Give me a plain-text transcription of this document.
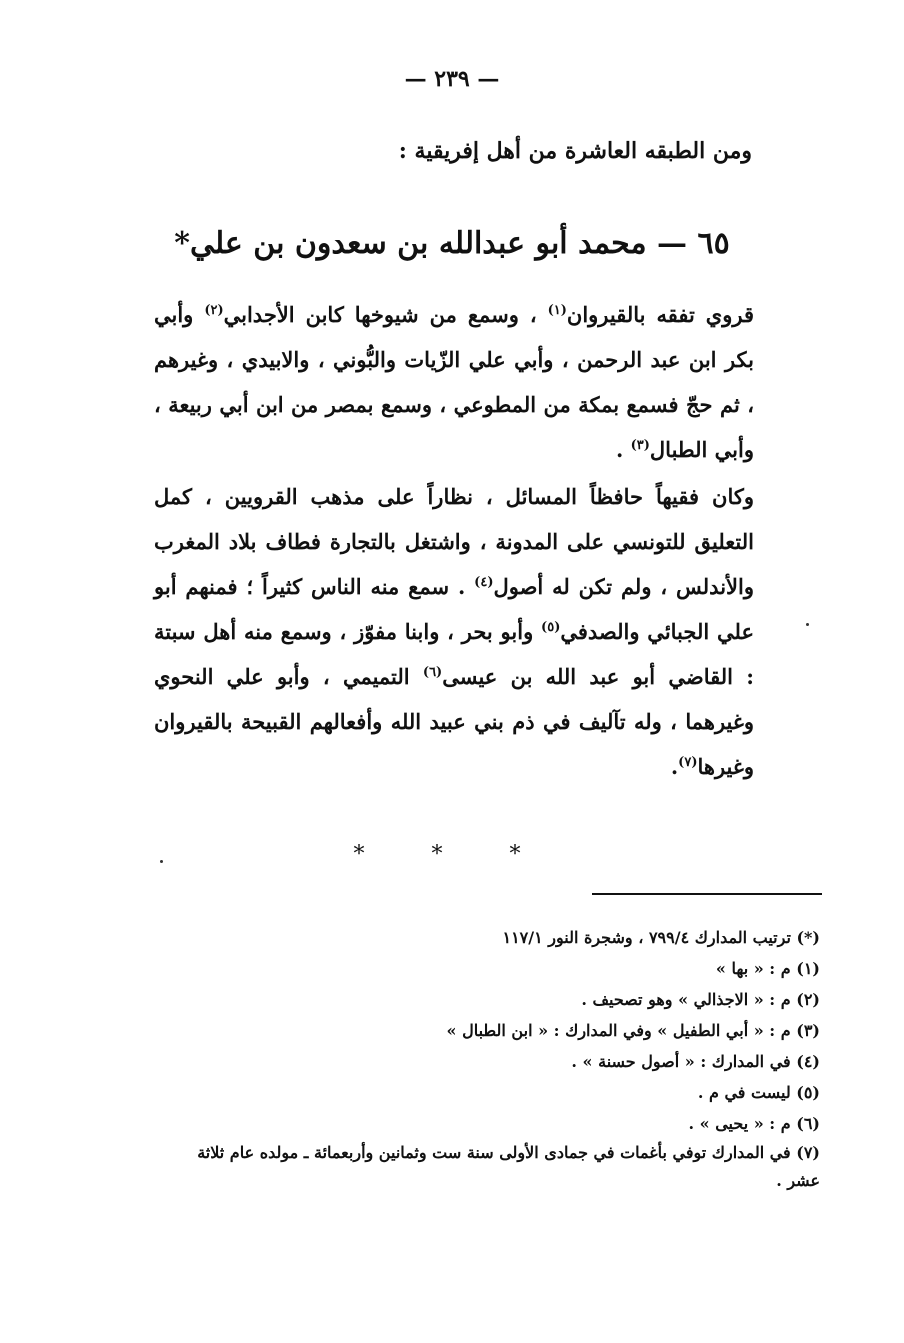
— ٢٣٩ —
ومن الطبقه العاشرة من أهل إفريقية :
٦٥ — محمد أبو عبدالله بن سعدون بن علي*

قروي تفقه بالقيروان$^{(١)}$ ، وسمع من شيوخها كابن الأجدابي$^{(٢)}$ وأبي بكر ابن عبد الرحمن ، وأبي علي الزّيات والبُّوني ، والابيدي ، وغيرهم ، ثم حجّ فسمع بمكة من المطوعي ، وسمع بمصر من ابن أبي ربيعة ، وأبي الطبال$^{(٣)}$ .

وكان فقيهاً حافظاً المسائل ، نظاراً على مذهب القرويين ، كمل التعليق للتونسي على المدونة ، واشتغل بالتجارة فطاف بلاد المغرب والأندلس ، ولم تكن له أصول$^{(٤)}$ . سمع منه الناس كثيراً ؛ فمنهم أبو علي الجبائي والصدفي$^{(٥)}$ وأبو بحر ، وابنا مفوّز ، وسمع منه أهل سبتة : القاضي أبو عبد الله بن عيسى$^{(٦)}$ التميمي ، وأبو علي النحوي وغيرهما ، وله تآليف في ذم بني عبيد الله وأفعالهم القبيحة بالقيروان وغيرها$^{(٧)}$.

* * *
(*) ترتيب المدارك ٧٩٩/٤ ، وشجرة النور ١١٧/١
(١) م : « بها »
(٢) م : « الاجذالي » وهو تصحيف .
(٣) م : « أبي الطفيل » وفي المدارك : « ابن الطبال »
(٤) في المدارك : « أصول حسنة » .
(٥) ليست في م .
(٦) م : « يحيى » .
(٧) في المدارك توفي بأغمات في جمادى الأولى سنة ست وثمانين وأربعمائة ـ مولده عام ثلاثة عشر .
